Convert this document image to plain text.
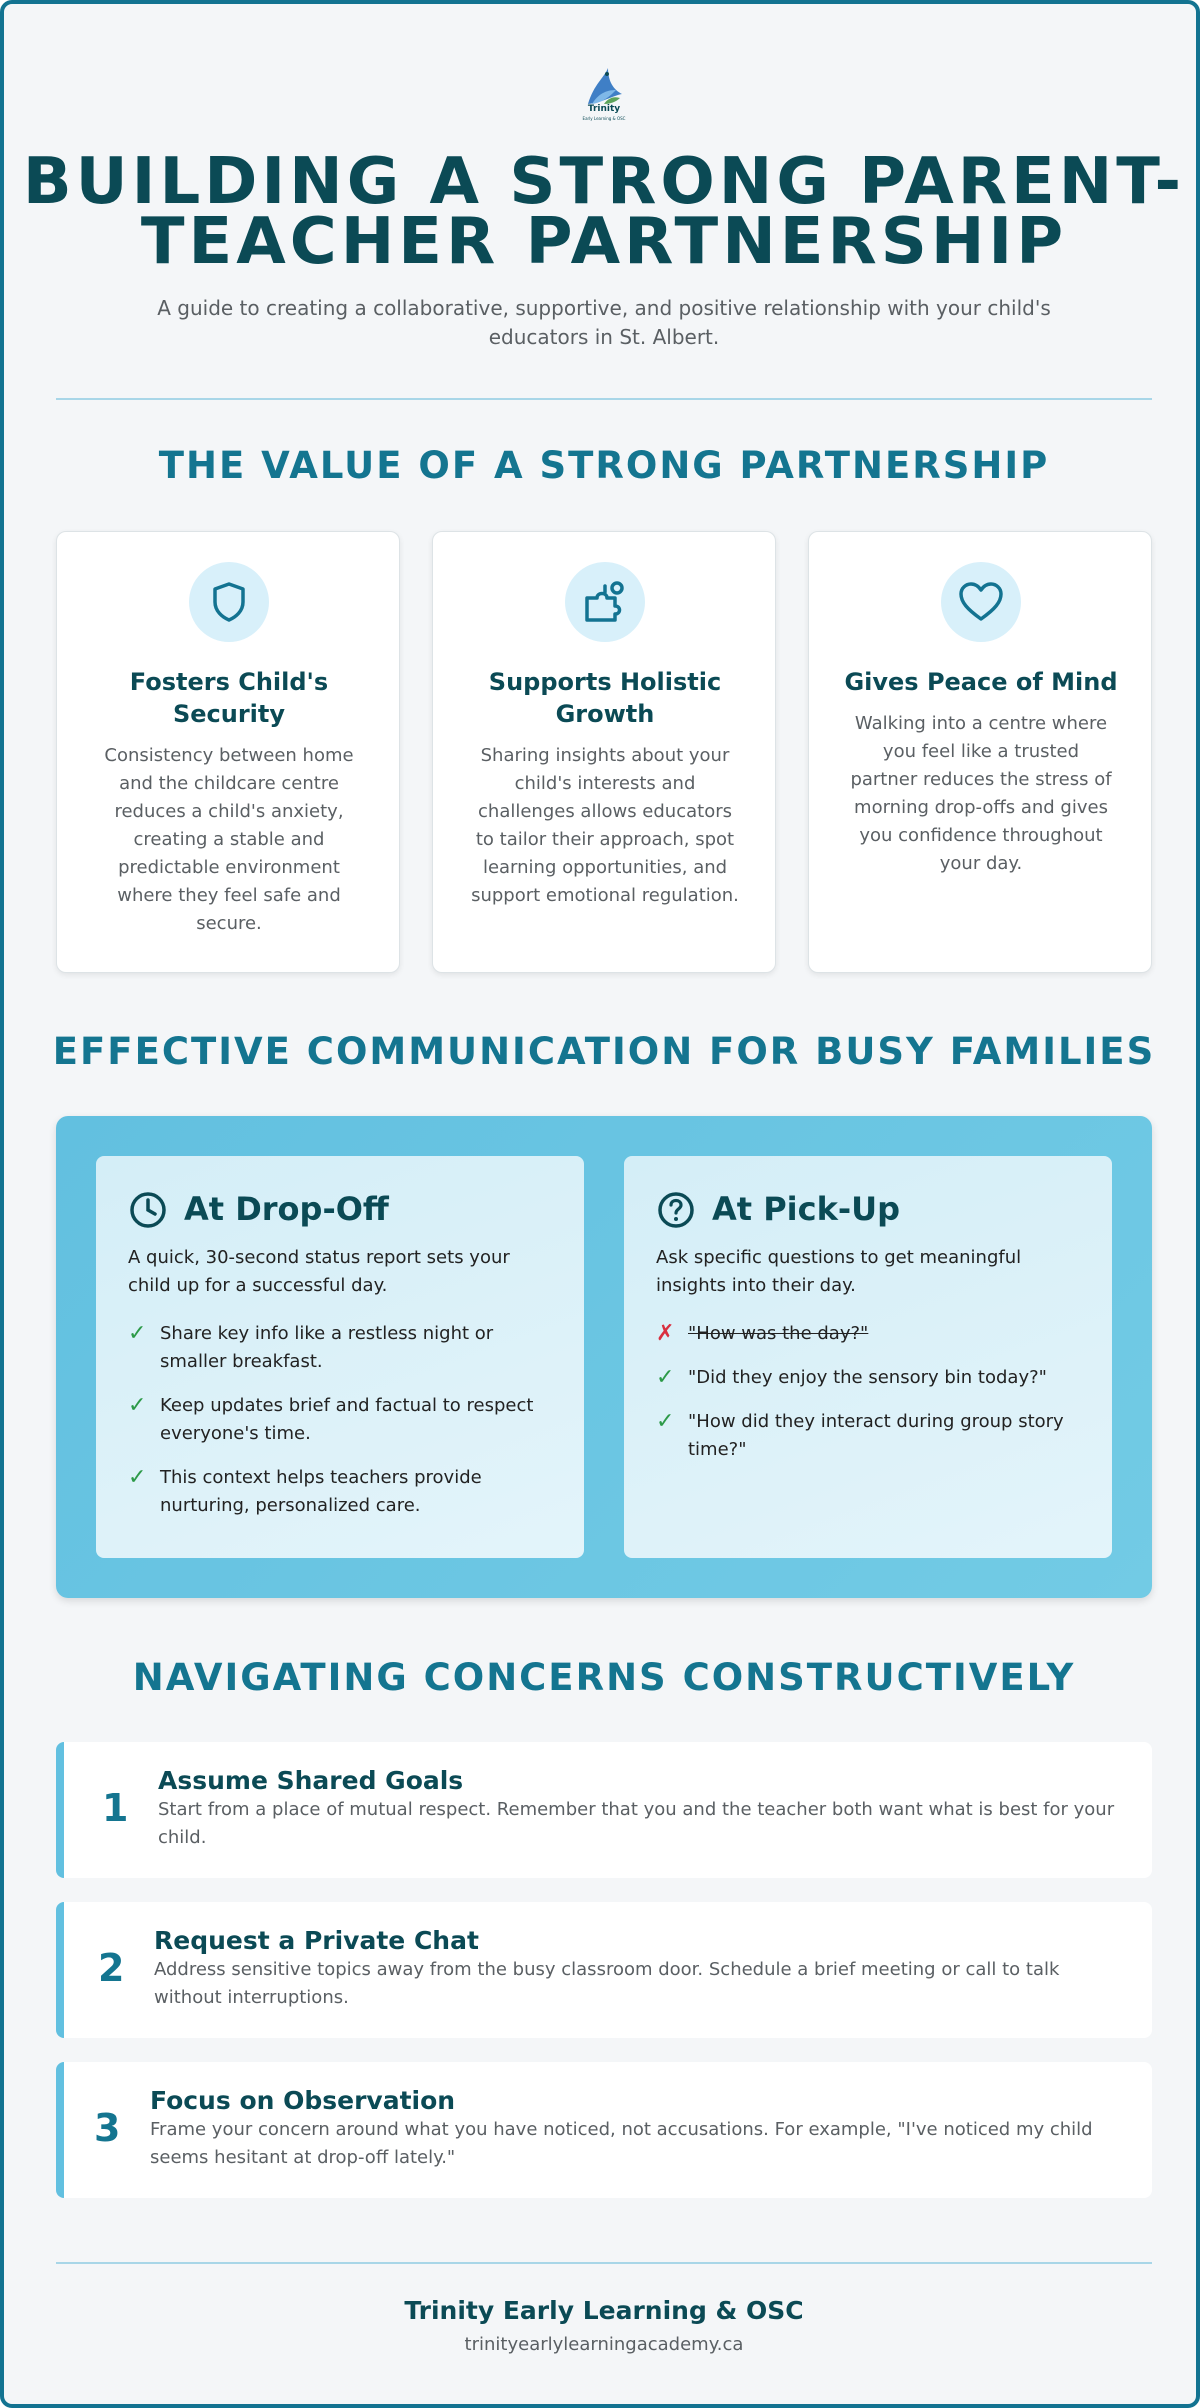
Trinity
Early Learning & OSC
BUILDING A STRONG PARENT-
TEACHER PARTNERSHIP
A guide to creating a collaborative, supportive, and positive relationship with your child's educators in St. Albert.
THE VALUE OF A STRONG PARTNERSHIP
Fosters Child's Security

Consistency between home and the childcare centre reduces a child's anxiety, creating a stable and predictable environment where they feel safe and secure.

Supports Holistic Growth

Sharing insights about your child's interests and challenges allows educators to tailor their approach, spot learning opportunities, and support emotional regulation.

Gives Peace of Mind

Walking into a centre where you feel like a trusted partner reduces the stress of morning drop-offs and gives you confidence throughout your day.

EFFECTIVE COMMUNICATION FOR BUSY FAMILIES
At Drop-Off
A quick, 30-second status report sets your child up for a successful day.
✓ Share key info like a restless night or smaller breakfast.
✓ Keep updates brief and factual to respect everyone's time.
✓ This context helps teachers provide nurturing, personalized care.
At Pick-Up
Ask specific questions to get meaningful insights into their day.
✗ "How was the day?"
✓ "Did they enjoy the sensory bin today?"
✓ "How did they interact during group story time?"
NAVIGATING CONCERNS CONSTRUCTIVELY
1
Assume Shared Goals

Start from a place of mutual respect. Remember that you and the teacher both want what is best for your child.

2
Request a Private Chat

Address sensitive topics away from the busy classroom door. Schedule a brief meeting or call to talk without interruptions.

3
Focus on Observation

Frame your concern around what you have noticed, not accusations. For example, "I've noticed my child seems hesitant at drop-off lately."

Trinity Early Learning & OSC
trinityearlylearningacademy.ca
